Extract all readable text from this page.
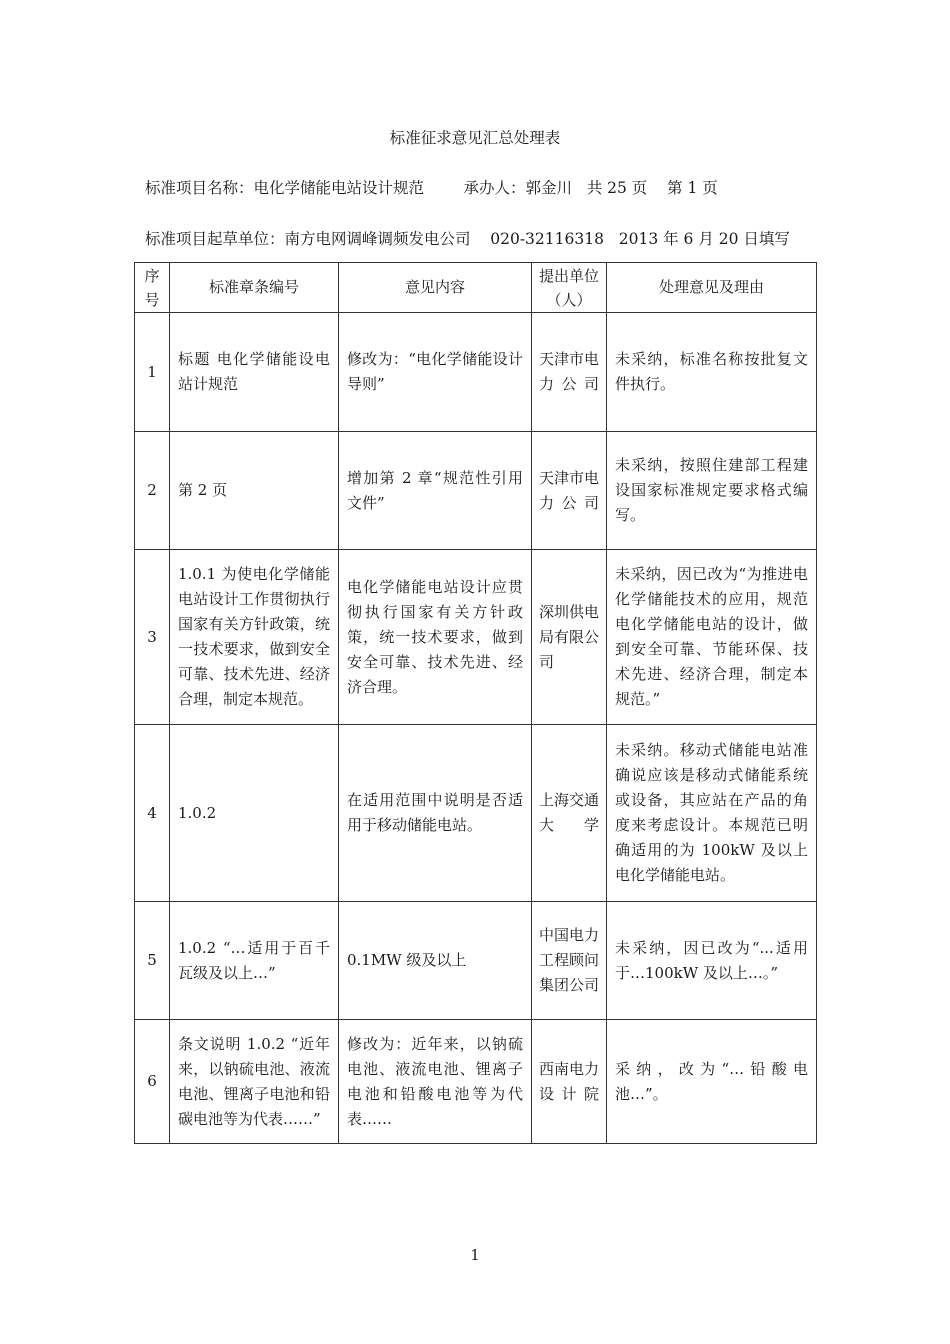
标准征求意见汇总处理表
标准项目名称：电化学储能电站设计规范	承办人：郭金川 共 25 页 第 1 页
标准项目起草单位：南方电网调峰调频发电公司 020-32116318 2013 年 6 月 20 日填写
序号	标准章条编号	意见内容	提出单位（人）	处理意见及理由
1	标题 电化学储能设电站计规范	修改为：“电化学储能设计导则”	天津市电力公司	未采纳，标准名称按批复文件执行。
2	第 2 页	增加第 2 章“规范性引用文件”	天津市电力公司	未采纳，按照住建部工程建设国家标准规定要求格式编写。
3	1.0.1 为使电化学储能电站设计工作贯彻执行国家有关方针政策，统一技术要求，做到安全可靠、技术先进、经济合理，制定本规范。	电化学储能电站设计应贯彻执行国家有关方针政策，统一技术要求，做到安全可靠、技术先进、经济合理。	深圳供电局有限公司	未采纳，因已改为“为推进电化学储能技术的应用，规范电化学储能电站的设计，做到安全可靠、节能环保、技术先进、经济合理，制定本规范。”
4	1.0.2	在适用范围中说明是否适用于移动储能电站。	上海交通大学	未采纳。移动式储能电站准确说应该是移动式储能系统或设备，其应站在产品的角度来考虑设计。本规范已明确适用的为 100kW 及以上电化学储能电站。
5	1.0.2 “…适用于百千瓦级及以上…”	0.1MW 级及以上	中国电力工程顾问集团公司	未采纳，因已改为“...适用于…100kW 及以上…。”
6	条文说明 1.0.2 “近年来，以钠硫电池、液流电池、锂离子电池和铅碳电池等为代表……”	修改为：近年来，以钠硫电池、液流电池、锂离子电池和铅酸电池等为代表……	西南电力设计院	采纳，改为“…铅酸电池…”。
1
